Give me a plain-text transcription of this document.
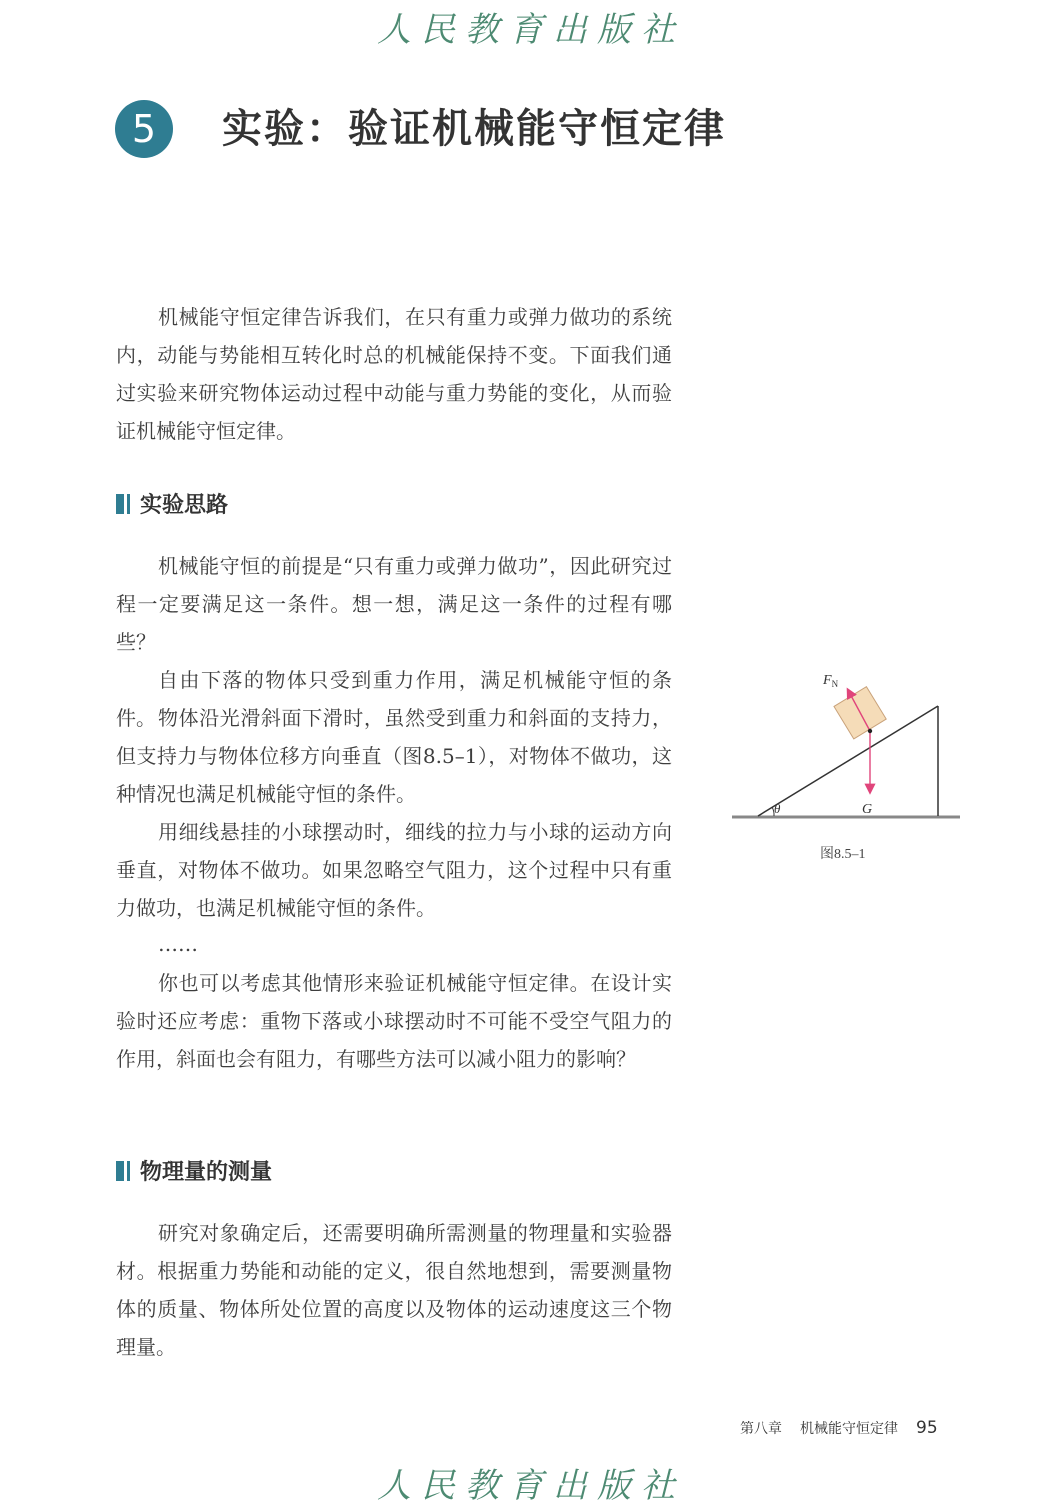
人民教育出版社
5	实验：验证机械能守恒定律

机械能守恒定律告诉我们，在只有重力或弹力做功的系统内，动能与势能相互转化时总的机械能保持不变。下面我们通过实验来研究物体运动过程中动能与重力势能的变化，从而验证机械能守恒定律。

实验思路

机械能守恒的前提是“只有重力或弹力做功”，因此研究过程一定要满足这一条件。想一想，满足这一条件的过程有哪些？

自由下落的物体只受到重力作用，满足机械能守恒的条件。 物体沿光滑斜面下滑时，虽然受到重力和斜面的支持力，但支持力与物体位移方向垂直（图8.5–1），对物体不做功，这种情况也满足机械能守恒的条件。

用细线悬挂的小球摆动时，细线的拉力与小球的运动方向垂直，对物体不做功。如果忽略空气阻力，这个过程中只有重力做功，也满足机械能守恒的条件。

……

你也可以考虑其他情形来验证机械能守恒定律。在设计实验时还应考虑：重物下落或小球摆动时不可能不受空气阻力的作用，斜面也会有阻力，有哪些方法可以减小阻力的影响？

物理量的测量

研究对象确定后，还需要明确所需测量的物理量和实验器材。根据重力势能和动能的定义，很自然地想到，需要测量物体的质量、物体所处位置的高度以及物体的运动速度这三个物理量。

$F_N$
G
θ
图8.5–1
第八章 机械能守恒定律 95
人民教育出版社
